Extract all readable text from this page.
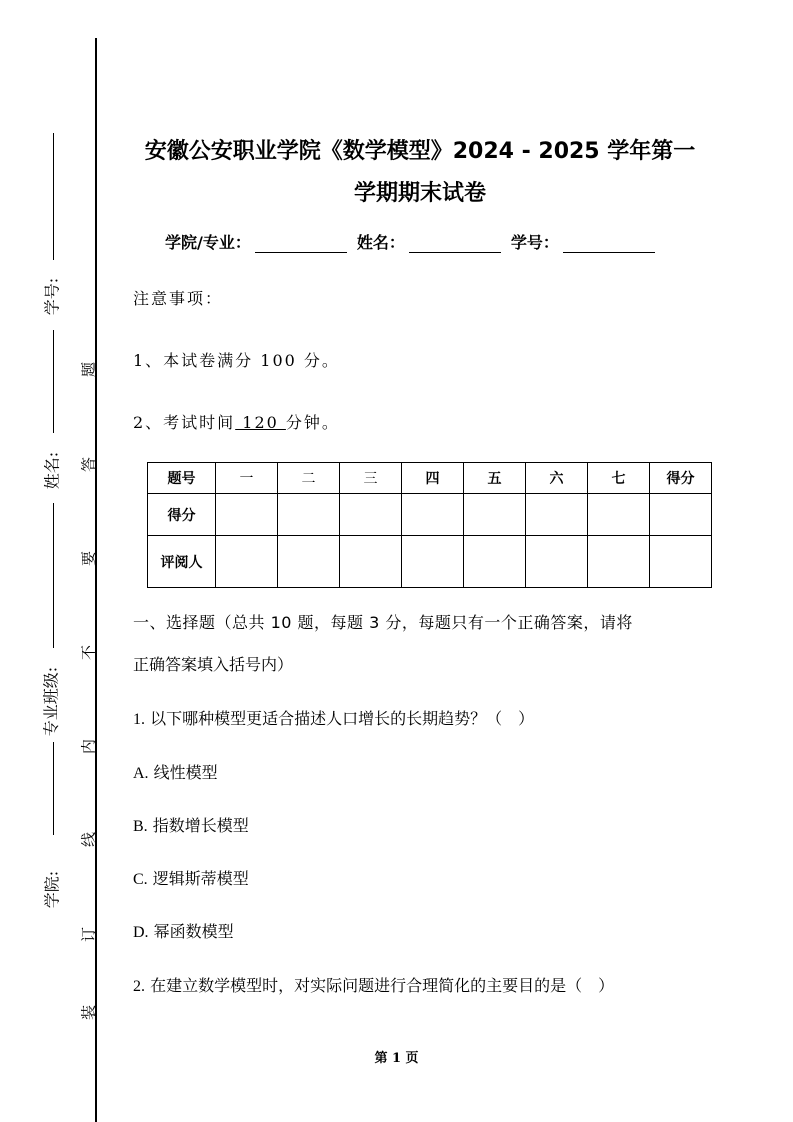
学号:
姓名:
专业班级:
学院:
题
答
要
不
内
线
订
装
安徽公安职业学院《数学模型》2024 - 2025 学年第一
学期期末试卷
学院/专业：	姓名：	学号：
注意事项：
1、本试卷满分 100 分。
2、考试时间 120 分钟。
题号	一	二	三	四	五	六	七	得分
得分								
评阅人								
一、选择题（总共 10 题，每题 3 分，每题只有一个正确答案，请将
正确答案填入括号内）
1. 以下哪种模型更适合描述人口增长的长期趋势？（　）
A. 线性模型
B. 指数增长模型
C. 逻辑斯蒂模型
D. 幂函数模型
2. 在建立数学模型时，对实际问题进行合理简化的主要目的是（　）
第 1 页
